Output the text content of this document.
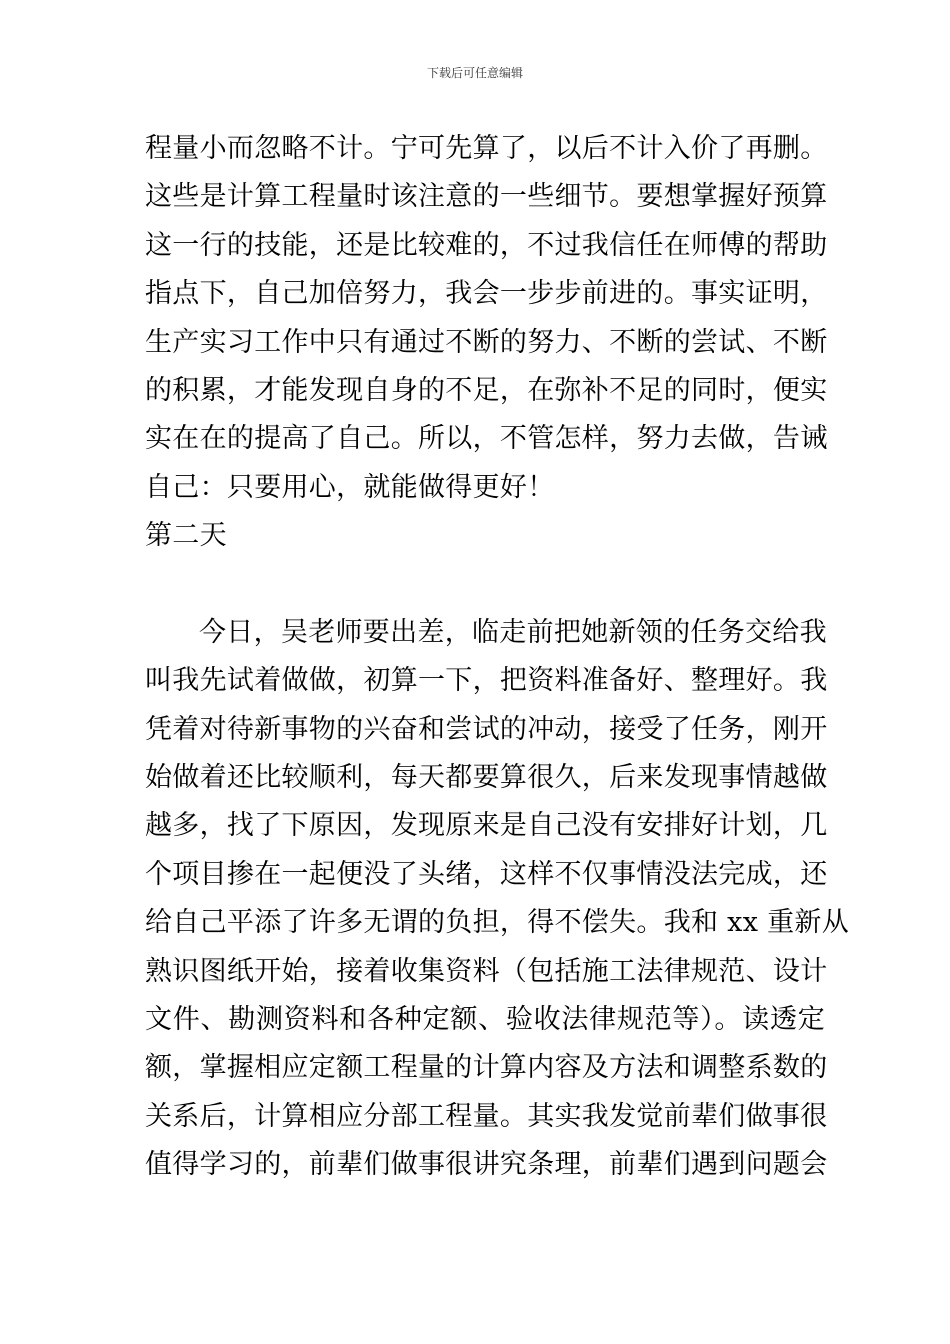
下载后可任意编辑
程量小而忽略不计。宁可先算了，以后不计入价了再删。
这些是计算工程量时该注意的一些细节。要想掌握好预算
这一行的技能，还是比较难的，不过我信任在师傅的帮助
指点下，自己加倍努力，我会一步步前进的。事实证明，
生产实习工作中只有通过不断的努力、不断的尝试、不断
的积累，才能发现自身的不足，在弥补不足的同时，便实
实在在的提高了自己。所以，不管怎样，努力去做，告诫
自己：只要用心，就能做得更好！
第二天
今日，吴老师要出差，临走前把她新领的任务交给我
叫我先试着做做，初算一下，把资料准备好、整理好。我
凭着对待新事物的兴奋和尝试的冲动，接受了任务，刚开
始做着还比较顺利，每天都要算很久，后来发现事情越做
越多，找了下原因，发现原来是自己没有安排好计划，几
个项目掺在一起便没了头绪，这样不仅事情没法完成，还
给自己平添了许多无谓的负担，得不偿失。我和 xx 重新从
熟识图纸开始，接着收集资料（包括施工法律规范、设计
文件、勘测资料和各种定额、验收法律规范等）。读透定
额，掌握相应定额工程量的计算内容及方法和调整系数的
关系后，计算相应分部工程量。其实我发觉前辈们做事很
值得学习的，前辈们做事很讲究条理，前辈们遇到问题会
